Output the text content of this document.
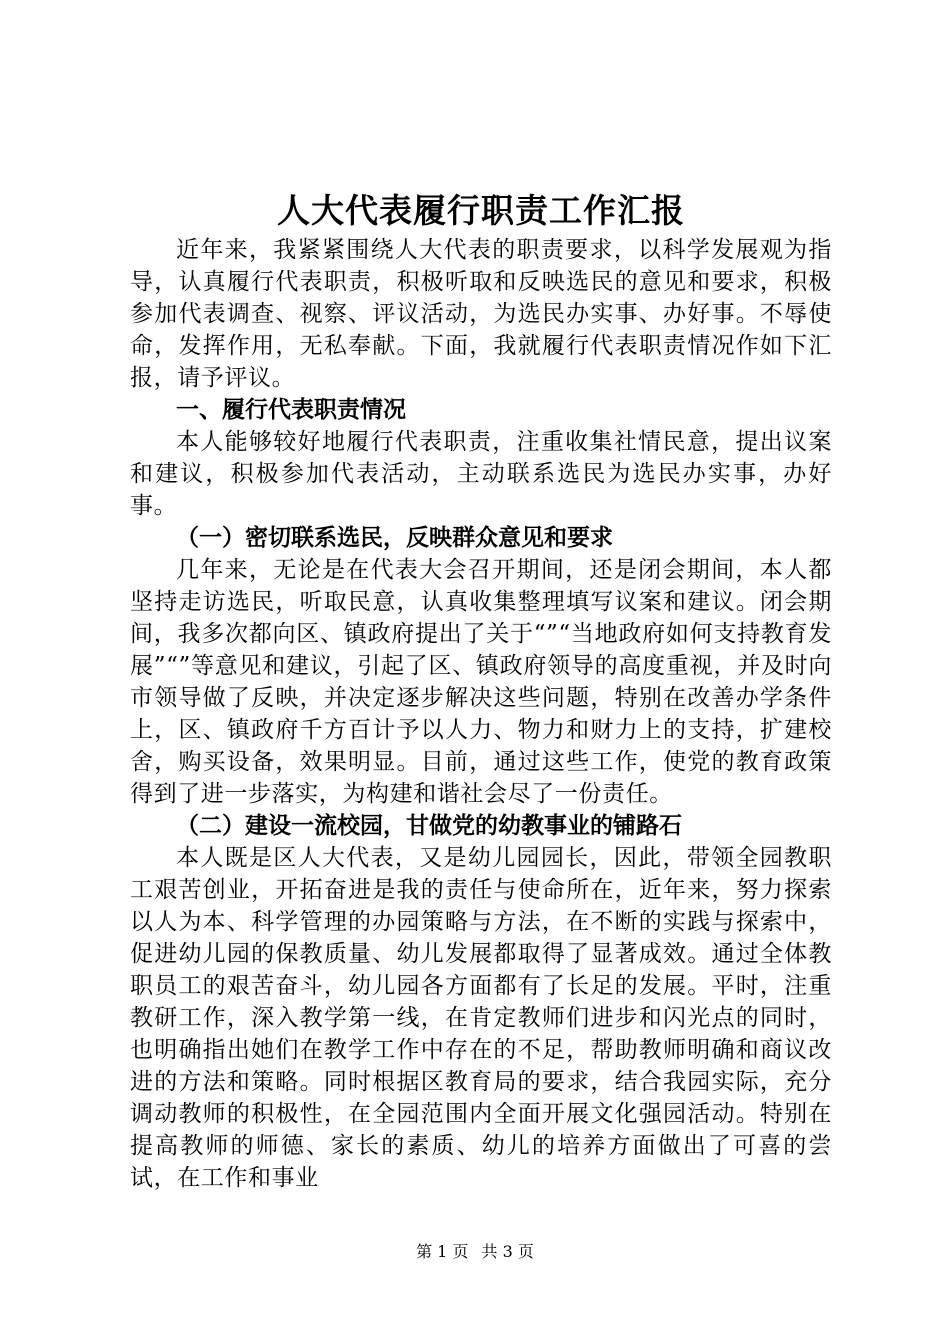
人大代表履行职责工作汇报

近年来，我紧紧围绕人大代表的职责要求，以科学发展观为指导，认真履行代表职责，积极听取和反映选民的意见和要求，积极参加代表调查、视察、评议活动，为选民办实事、办好事。不辱使命，发挥作用，无私奉献。下面，我就履行代表职责情况作如下汇报，请予评议。

一、履行代表职责情况

本人能够较好地履行代表职责，注重收集社情民意，提出议案和建议，积极参加代表活动，主动联系选民为选民办实事，办好事。

（一）密切联系选民，反映群众意见和要求

几年来，无论是在代表大会召开期间，还是闭会期间，本人都坚持走访选民，听取民意，认真收集整理填写议案和建议。闭会期间，我多次都向区、镇政府提出了关于“”“当地政府如何支持教育发展”“”等意见和建议，引起了区、镇政府领导的高度重视，并及时向市领导做了反映，并决定逐步解决这些问题，特别在改善办学条件上，区、镇政府千方百计予以人力、物力和财力上的支持，扩建校舍，购买设备，效果明显。目前，通过这些工作，使党的教育政策得到了进一步落实，为构建和谐社会尽了一份责任。

（二）建设一流校园，甘做党的幼教事业的铺路石

本人既是区人大代表，又是幼儿园园长，因此，带领全园教职工艰苦创业，开拓奋进是我的责任与使命所在，近年来，努力探索以人为本、科学管理的办园策略与方法，在不断的实践与探索中，促进幼儿园的保教质量、幼儿发展都取得了显著成效。通过全体教职员工的艰苦奋斗，幼儿园各方面都有了长足的发展。平时，注重教研工作，深入教学第一线，在肯定教师们进步和闪光点的同时，也明确指出她们在教学工作中存在的不足，帮助教师明确和商议改进的方法和策略。同时根据区教育局的要求，结合我园实际，充分调动教师的积极性，在全园范围内全面开展文化强园活动。特别在提高教师的师德、家长的素质、幼儿的培养方面做出了可喜的尝试，在工作和事业

第 1 页 共 3 页
